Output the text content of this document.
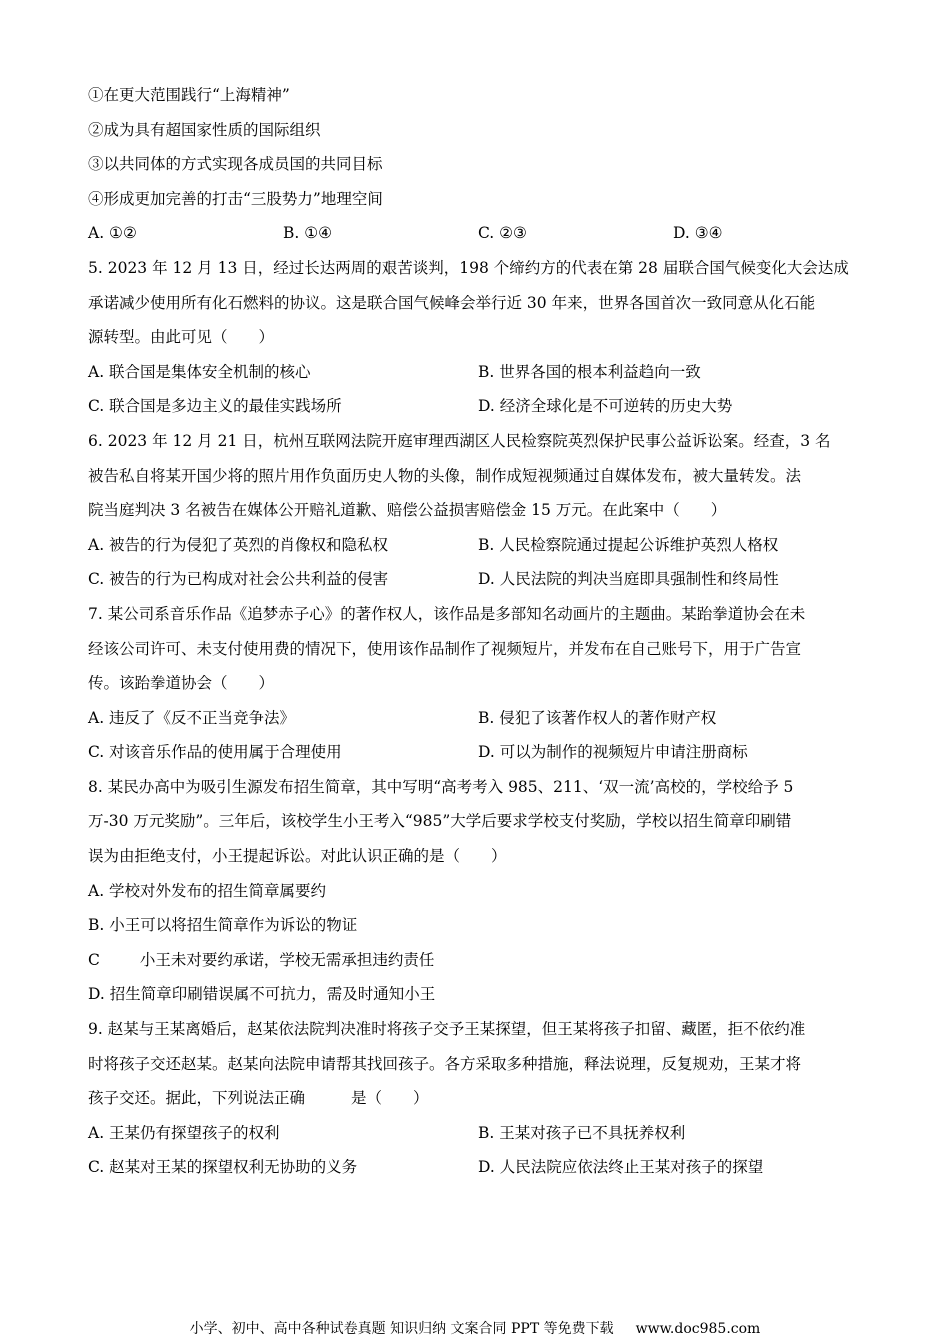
①在更大范围践行“上海精神”
②成为具有超国家性质的国际组织
③以共同体的方式实现各成员国的共同目标
④形成更加完善的打击“三股势力”地理空间
A. ①②	B. ①④	C. ②③	D. ③④
5. 2023 年 12 月 13 日，经过长达两周的艰苦谈判，198 个缔约方的代表在第 28 届联合国气候变化大会达成
承诺减少使用所有化石燃料的协议。这是联合国气候峰会举行近 30 年来，世界各国首次一致同意从化石能
源转型。由此可见（　　）
A. 联合国是集体安全机制的核心	B. 世界各国的根本利益趋向一致
C. 联合国是多边主义的最佳实践场所	D. 经济全球化是不可逆转的历史大势
6. 2023 年 12 月 21 日，杭州互联网法院开庭审理西湖区人民检察院英烈保护民事公益诉讼案。经查，3 名
被告私自将某开国少将的照片用作负面历史人物的头像，制作成短视频通过自媒体发布，被大量转发。法
院当庭判决 3 名被告在媒体公开赔礼道歉、赔偿公益损害赔偿金 15 万元。在此案中（　　）
A. 被告的行为侵犯了英烈的肖像权和隐私权	B. 人民检察院通过提起公诉维护英烈人格权
C. 被告的行为已构成对社会公共利益的侵害	D. 人民法院的判决当庭即具强制性和终局性
7. 某公司系音乐作品《追梦赤子心》的著作权人，该作品是多部知名动画片的主题曲。某跆拳道协会在未
经该公司许可、未支付使用费的情况下，使用该作品制作了视频短片，并发布在自己账号下，用于广告宣
传。该跆拳道协会（　　）
A. 违反了《反不正当竞争法》	B. 侵犯了该著作权人的著作财产权
C. 对该音乐作品的使用属于合理使用	D. 可以为制作的视频短片申请注册商标
8. 某民办高中为吸引生源发布招生简章，其中写明“高考考入 985、211、‘双一流’高校的，学校给予 5
万-30 万元奖励”。三年后，该校学生小王考入“985”大学后要求学校支付奖励，学校以招生简章印刷错
误为由拒绝支付，小王提起诉讼。对此认识正确的是（　　）
A. 学校对外发布的招生简章属要约
B. 小王可以将招生简章作为诉讼的物证
C	小王未对要约承诺，学校无需承担违约责任
D. 招生简章印刷错误属不可抗力，需及时通知小王
9. 赵某与王某离婚后，赵某依法院判决准时将孩子交予王某探望，但王某将孩子扣留、藏匿，拒不依约准
时将孩子交还赵某。赵某向法院申请帮其找回孩子。各方采取多种措施，释法说理，反复规劝，王某才将
孩子交还。据此，下列说法正确	是（　　）
A. 王某仍有探望孩子的权利	B. 王某对孩子已不具抚养权利
C. 赵某对王某的探望权利无协助的义务	D. 人民法院应依法终止王某对孩子的探望
小学、初中、高中各种试卷真题 知识归纳 文案合同 PPT 等免费下载 www.doc985.com
